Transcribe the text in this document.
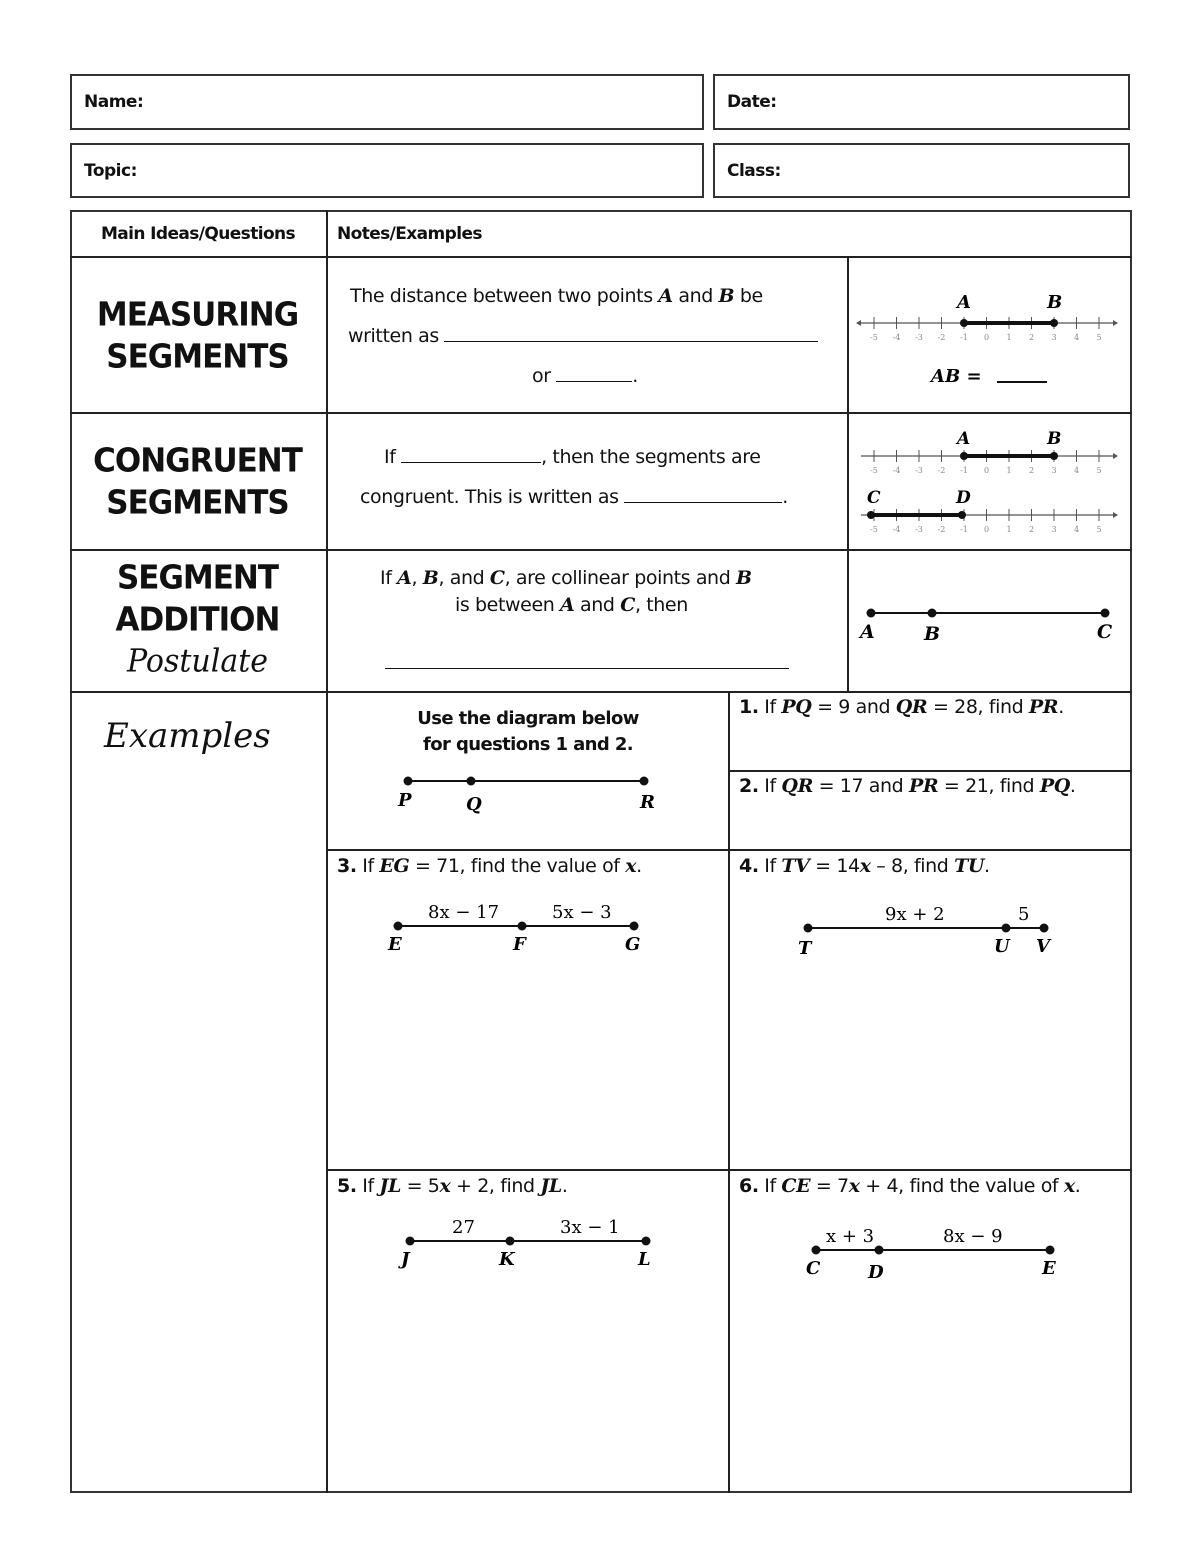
Name:	Date:
Topic:	Class:
Main Ideas/Questions	Notes/Examples
MEASURING
SEGMENTS
The distance between two points A and B be
written as
or	.
-5 -4 -3 -2 -1 0 1 2 3 4 5
A	B
AB =
CONGRUENT
SEGMENTS
If	, then the segments are
congruent. This is written as	.
-5 -4 -3 -2 -1 0 1 2 3 4 5
A	B
-5 -4 -3 -2 -1 0 1 2 3 4 5
C	D
SEGMENT
ADDITION
Postulate
If A, B, and C, are collinear points and B
is between A and C, then
A	B	C
Examples	Use the diagram below
for questions 1 and 2.
P	Q	R
1. If PQ = 9 and QR = 28, find PR.
2. If QR = 17 and PR = 21, find PQ.
3. If EG = 71, find the value of x.
8x − 17	5x − 3
E	F	G
4. If TV = 14x – 8, find TU.
9x + 2	5
T	U V
5. If JL = 5x + 2, find JL.
27	3x − 1
J	K	L
6. If CE = 7x + 4, find the value of x.
x + 3	8x − 9
C	D	E
